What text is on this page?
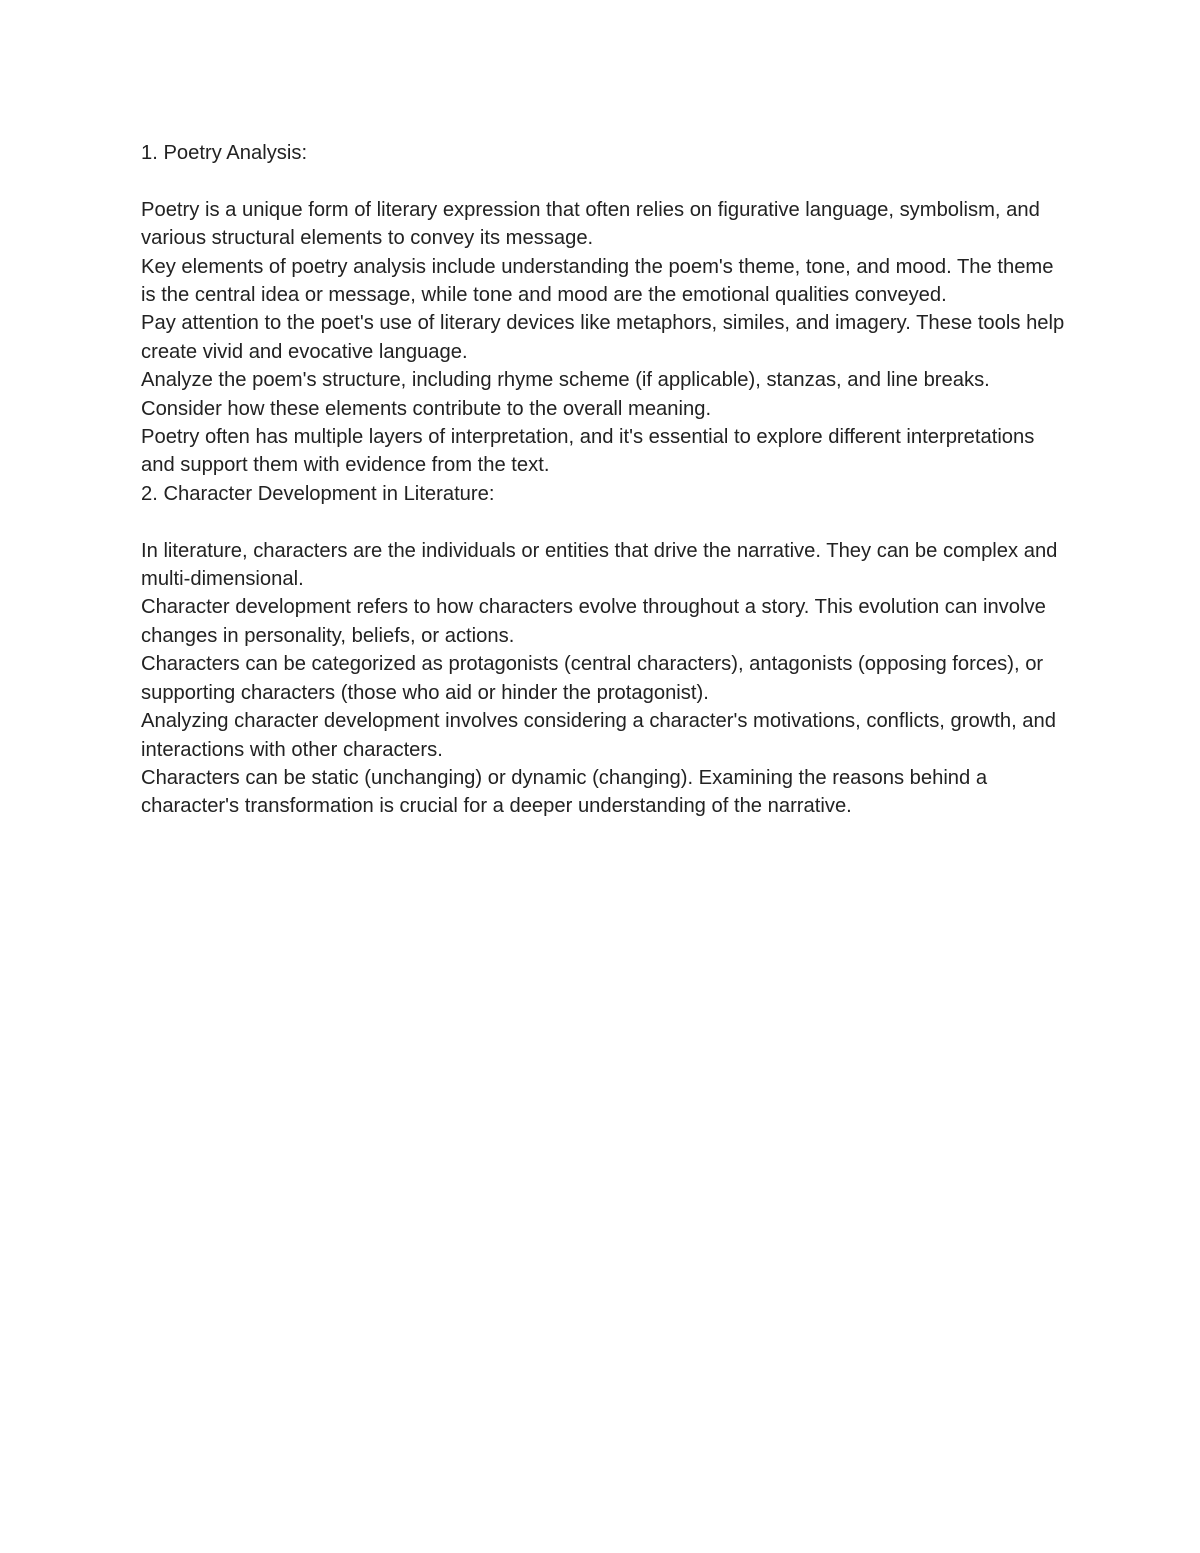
1. Poetry Analysis:

Poetry is a unique form of literary expression that often relies on figurative language, symbolism, and various structural elements to convey its message.

Key elements of poetry analysis include understanding the poem's theme, tone, and mood. The theme is the central idea or message, while tone and mood are the emotional qualities conveyed.

Pay attention to the poet's use of literary devices like metaphors, similes, and imagery. These tools help create vivid and evocative language.

Analyze the poem's structure, including rhyme scheme (if applicable), stanzas, and line breaks. Consider how these elements contribute to the overall meaning.

Poetry often has multiple layers of interpretation, and it's essential to explore different interpretations and support them with evidence from the text.

2. Character Development in Literature:

In literature, characters are the individuals or entities that drive the narrative. They can be complex and multi-dimensional.

Character development refers to how characters evolve throughout a story. This evolution can involve changes in personality, beliefs, or actions.

Characters can be categorized as protagonists (central characters), antagonists (opposing forces), or supporting characters (those who aid or hinder the protagonist).

Analyzing character development involves considering a character's motivations, conflicts, growth, and interactions with other characters.

Characters can be static (unchanging) or dynamic (changing). Examining the reasons behind a character's transformation is crucial for a deeper understanding of the narrative.
